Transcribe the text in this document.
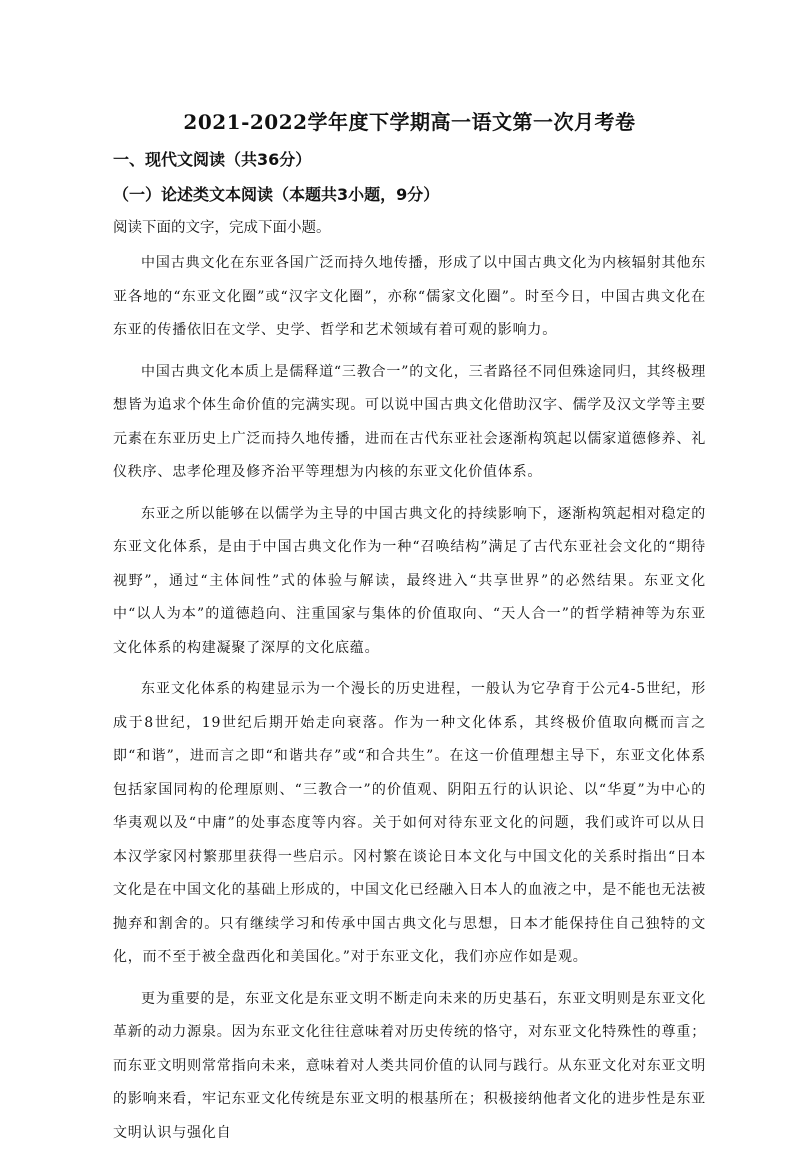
2021-2022学年度下学期高一语文第一次月考卷
一、现代文阅读（共36分）
（一）论述类文本阅读（本题共3小题，9分）
阅读下面的文字，完成下面小题。

中国古典文化在东亚各国广泛而持久地传播，形成了以中国古典文化为内核辐射其他东亚各地的“东亚文化圈”或“汉字文化圈”，亦称“儒家文化圈”。时至今日，中国古典文化在东亚的传播依旧在文学、史学、哲学和艺术领域有着可观的影响力。

中国古典文化本质上是儒释道“三教合一”的文化，三者路径不同但殊途同归，其终极理想皆为追求个体生命价值的完满实现。可以说中国古典文化借助汉字、儒学及汉文学等主要元素在东亚历史上广泛而持久地传播，进而在古代东亚社会逐渐构筑起以儒家道德修养、礼仪秩序、忠孝伦理及修齐治平等理想为内核的东亚文化价值体系。

东亚之所以能够在以儒学为主导的中国古典文化的持续影响下，逐渐构筑起相对稳定的东亚文化体系，是由于中国古典文化作为一种“召唤结构”满足了古代东亚社会文化的“期待视野”，通过“主体间性”式的体验与解读，最终进入“共享世界”的必然结果。东亚文化中“以人为本”的道德趋向、注重国家与集体的价值取向、“天人合一”的哲学精神等为东亚文化体系的构建凝聚了深厚的文化底蕴。

东亚文化体系的构建显示为一个漫长的历史进程，一般认为它孕育于公元4-5世纪，形成于8世纪，19世纪后期开始走向衰落。作为一种文化体系，其终极价值取向概而言之即“和谐”，进而言之即“和谐共存”或“和合共生”。在这一价值理想主导下，东亚文化体系包括家国同构的伦理原则、“三教合一”的价值观、阴阳五行的认识论、以“华夏”为中心的华夷观以及“中庸”的处事态度等内容。关于如何对待东亚文化的问题，我们或许可以从日本汉学家冈村繁那里获得一些启示。冈村繁在谈论日本文化与中国文化的关系时指出“日本文化是在中国文化的基础上形成的，中国文化已经融入日本人的血液之中，是不能也无法被抛弃和割舍的。只有继续学习和传承中国古典文化与思想，日本才能保持住自己独特的文化，而不至于被全盘西化和美国化。”对于东亚文化，我们亦应作如是观。

更为重要的是，东亚文化是东亚文明不断走向未来的历史基石，东亚文明则是东亚文化革新的动力源泉。因为东亚文化往往意味着对历史传统的恪守，对东亚文化特殊性的尊重；而东亚文明则常常指向未来，意味着对人类共同价值的认同与践行。从东亚文化对东亚文明的影响来看，牢记东亚文化传统是东亚文明的根基所在；积极接纳他者文化的进步性是东亚文明认识与强化自
